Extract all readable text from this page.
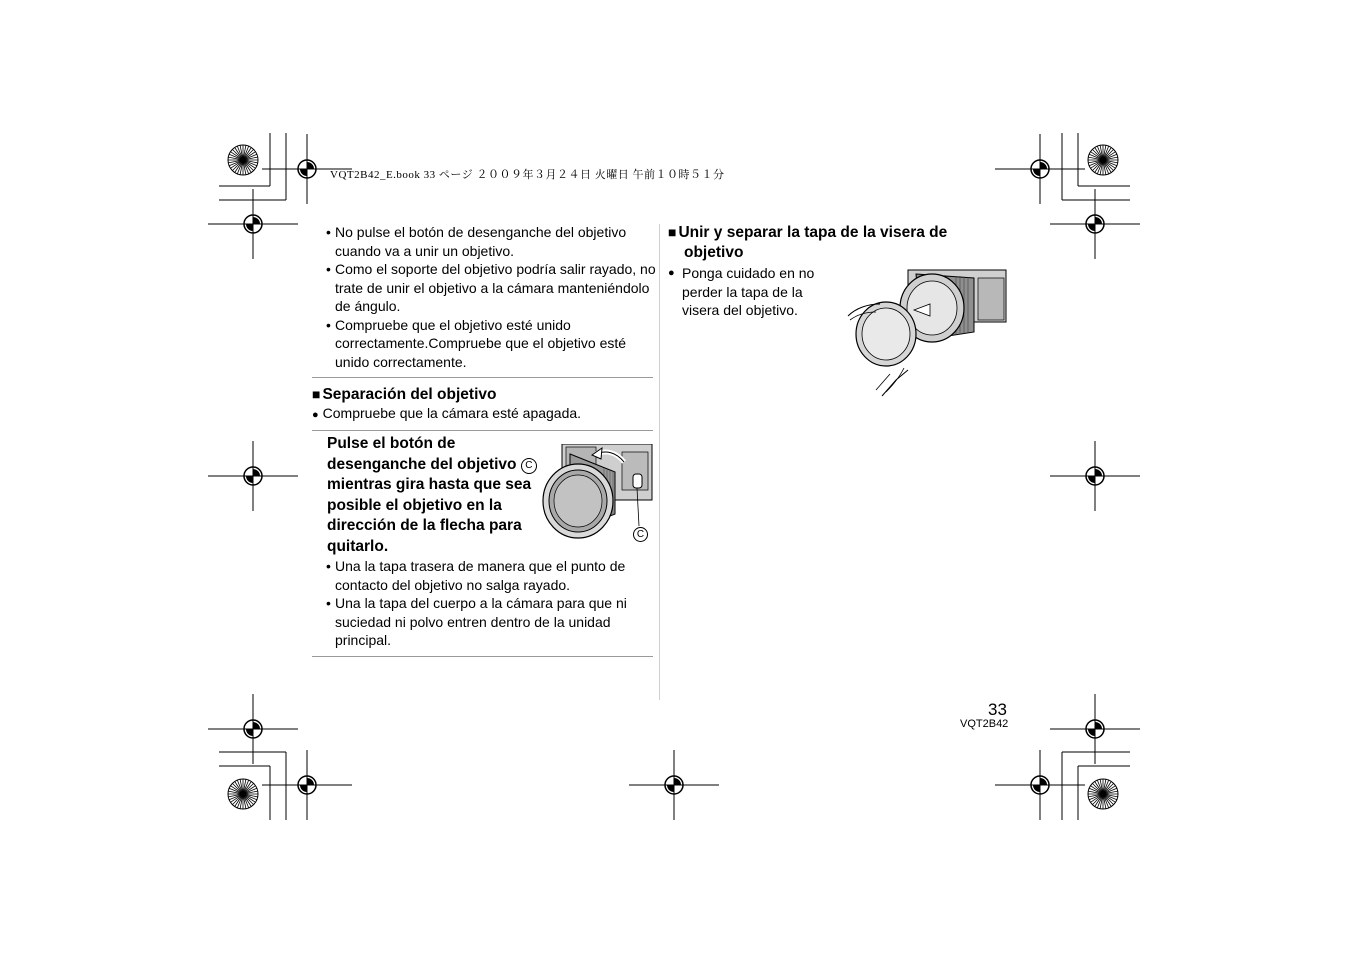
VQT2B42_E.book 33 ページ ２００９年３月２４日 火曜日 午前１０時５１分

• No pulse el botón de desenganche del objetivo cuando va a unir un objetivo.

• Como el soporte del objetivo podría salir rayado, no trate de unir el objetivo a la cámara manteniéndolo de ángulo.

• Compruebe que el objetivo esté unido correctamente.Compruebe que el objetivo esté unido correctamente.

■ Separación del objetivo
● Compruebe que la cámara esté apagada.
Pulse el botón de desenganche del objetivo C mientras gira hasta que sea posible el objetivo en la dirección de la flecha para quitarlo.
C

• Una la tapa trasera de manera que el punto de contacto del objetivo no salga rayado.

• Una la tapa del cuerpo a la cámara para que ni suciedad ni polvo entren dentro de la unidad principal.

■ Unir y separar la tapa de la visera de
objetivo
● Ponga cuidado en no perder la tapa de la visera del objetivo.
33
VQT2B42
